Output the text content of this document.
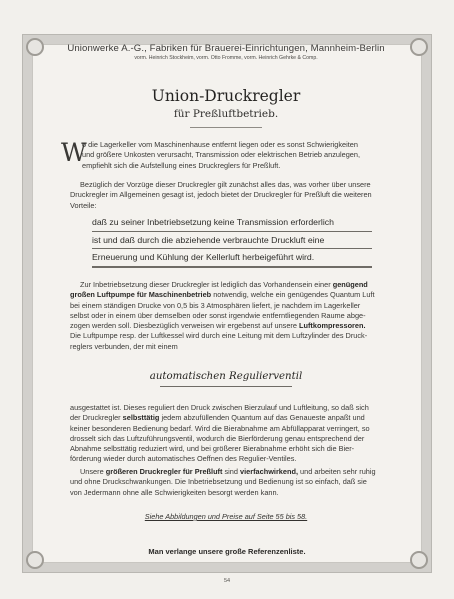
Unionwerke A.-G., Fabriken für Brauerei-Einrichtungen, Mannheim-Berlin
vorm. Heinrich Stockheim, vorm. Otto Fromme, vorm. Heinrich Gehrke & Comp.
Union-Druckregler
für Preßluftbetrieb.
W
o die Lagerkeller vom Maschinenhause entfernt liegen oder es sonst Schwierigkeiten
und größere Unkosten verursacht, Transmission oder elektrischen Betrieb anzulegen,
empfiehlt sich die Aufstellung eines Druckreglers für Preßluft.
Bezüglich der Vorzüge dieser Druckregler gilt zunächst alles das, was vorher über unsere
Druckregler im Allgemeinen gesagt ist, jedoch bietet der Druckregler für Preßluft die weiteren
Vorteile:
daß zu seiner Inbetriebsetzung keine Transmission erforderlich
ist und daß durch die abziehende verbrauchte Druckluft eine
Erneuerung und Kühlung der Kellerluft herbeigeführt wird.
Zur Inbetriebsetzung dieser Druckregler ist lediglich das Vorhandensein einer genügend
großen Luftpumpe für Maschinenbetrieb notwendig, welche ein genügendes Quantum Luft
bei einem ständigen Drucke von 0,5 bis 3 Atmosphären liefert, je nachdem im Lagerkeller
selbst oder in einem über demselben oder sonst irgendwie entferntliegenden Raume abge-
zogen werden soll. Diesbezüglich verweisen wir ergebenst auf unsere Luftkompressoren.
Die Luftpumpe resp. der Luftkessel wird durch eine Leitung mit dem Luftzylinder des Druck-
reglers verbunden, der mit einem
automatischen Regulierventil
ausgestattet ist. Dieses reguliert den Druck zwischen Bierzulauf und Luftleitung, so daß sich
der Druckregler selbsttätig jedem abzufüllenden Quantum auf das Genaueste anpaßt und
keiner besonderen Bedienung bedarf. Wird die Bierabnahme am Abfüllapparat verringert, so
drosselt sich das Luftzuführungsventil, wodurch die Bierförderung genau entsprechend der
Abnahme selbsttätig reduziert wird, und bei größerer Bierabnahme erhöht sich die Bier-
förderung wieder durch automatisches Oeffnen des Regulier-Ventiles.
Unsere größeren Druckregler für Preßluft sind vierfachwirkend, und arbeiten sehr ruhig
und ohne Druckschwankungen. Die Inbetriebsetzung und Bedienung ist so einfach, daß sie
von Jedermann ohne alle Schwierigkeiten besorgt werden kann.
Siehe Abbildungen und Preise auf Seite 55 bis 58.
Man verlange unsere große Referenzenliste.
54
